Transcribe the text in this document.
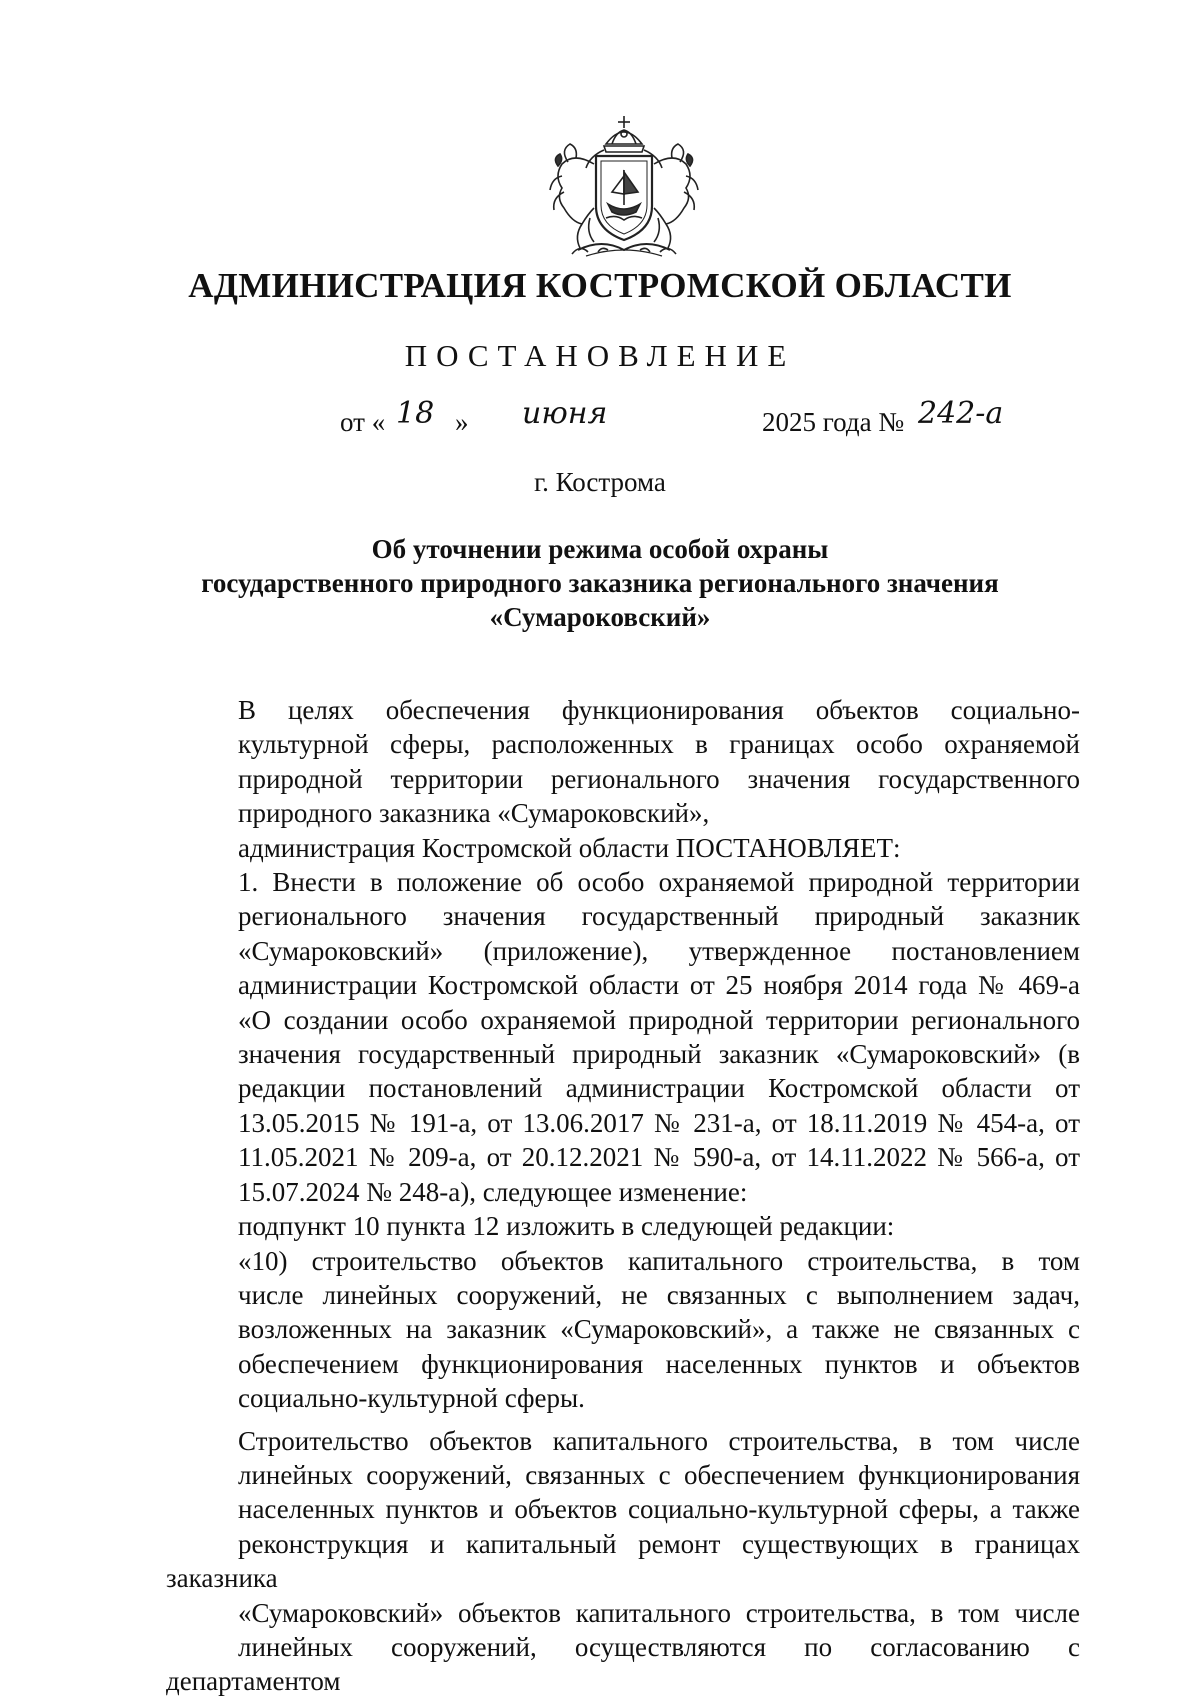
АДМИНИСТРАЦИЯ КОСТРОМСКОЙ ОБЛАСТИ
ПОСТАНОВЛЕНИЕ
от « 18 » июня	2025 года № 242-а
г. Кострома
Об уточнении режима особой охраны
государственного природного заказника регионального значения
«Сумароковский»
В целях обеспечения функционирования объектов социально-
культурной сферы, расположенных в границах особо охраняемой
природной территории регионального значения государственного
природного заказника «Сумароковский»,
администрация Костромской области ПОСТАНОВЛЯЕТ:
1. Внести в положение об особо охраняемой природной территории
регионального значения государственный природный заказник
«Сумароковский» (приложение), утвержденное постановлением
администрации Костромской области от 25 ноября 2014 года № 469-а
«О создании особо охраняемой природной территории регионального
значения государственный природный заказник «Сумароковский» (в
редакции постановлений администрации Костромской области от
13.05.2015 № 191-а, от 13.06.2017 № 231-а, от 18.11.2019 № 454-а, от
11.05.2021 № 209-а, от 20.12.2021 № 590-а, от 14.11.2022 № 566-а, от
15.07.2024 № 248-а), следующее изменение:
подпункт 10 пункта 12 изложить в следующей редакции:
«10) строительство объектов капитального строительства, в том
числе линейных сооружений, не связанных с выполнением задач,
возложенных на заказник «Сумароковский», а также не связанных с
обеспечением функционирования населенных пунктов и объектов
социально-культурной сферы.
Строительство объектов капитального строительства, в том числе
линейных сооружений, связанных с обеспечением функционирования
населенных пунктов и объектов социально-культурной сферы, а также
реконструкция и капитальный ремонт существующих в границах заказника
«Сумароковский» объектов капитального строительства, в том числе
линейных сооружений, осуществляются по согласованию с департаментом
